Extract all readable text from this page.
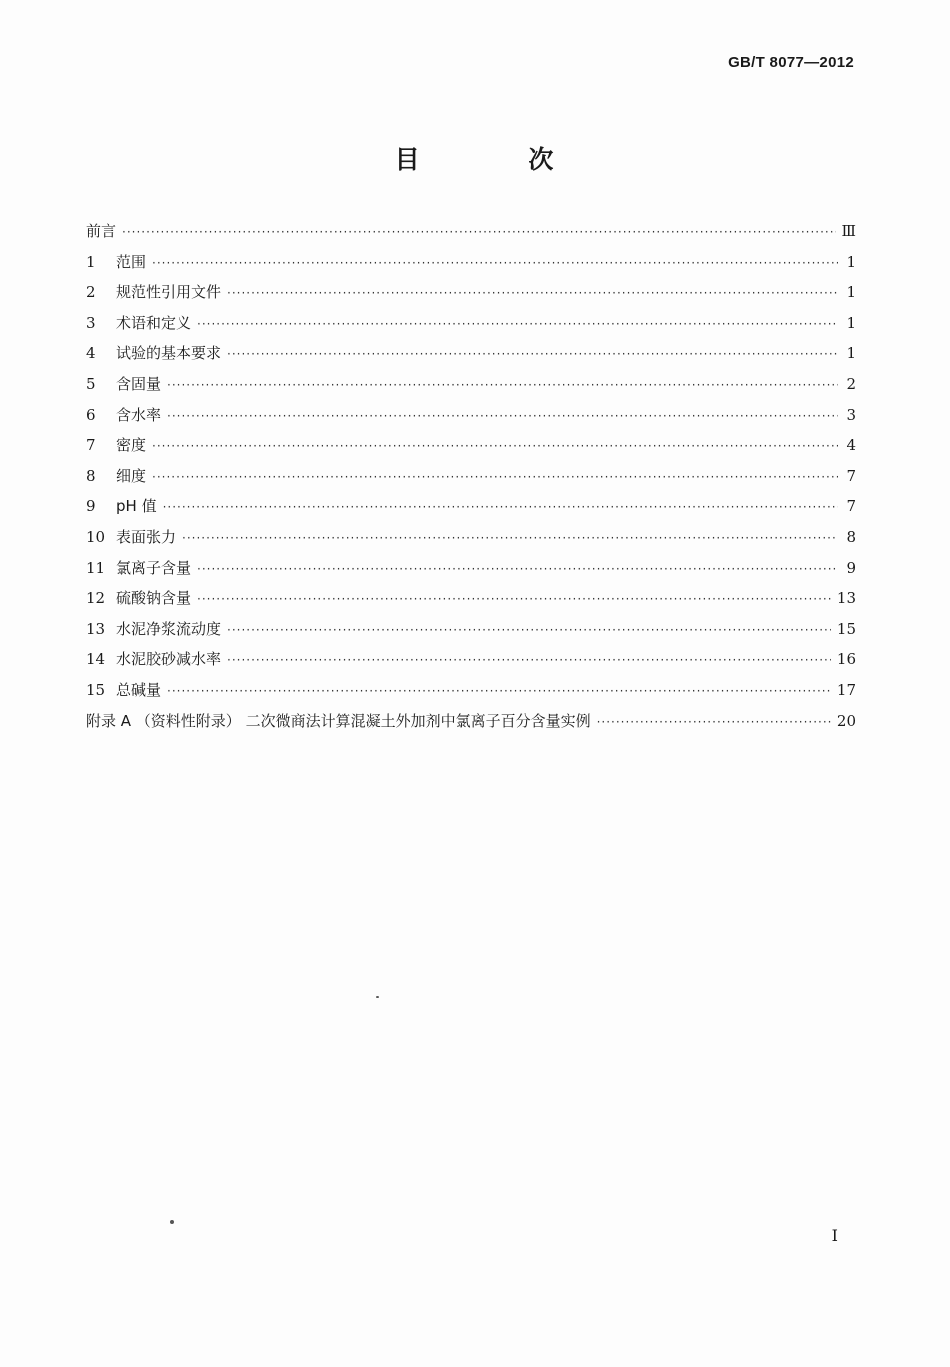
GB/T 8077—2012
目 次
前言 ·····	Ⅲ
1	范围 ·····	1
2	规范性引用文件 ·····	1
3	术语和定义 ·····	1
4	试验的基本要求 ·····	1
5	含固量 ·····	2
6	含水率 ·····	3
7	密度 ·····	4
8	细度 ·····	7
9	pH 值 ·····	7
10 表面张力 ·····	8
11 氯离子含量 ·····	9
12 硫酸钠含量 ·····	13
13 水泥净浆流动度 ·····	15
14 水泥胶砂减水率 ·····	16
15 总碱量 ·····	17
附录 A （资料性附录） 二次微商法计算混凝土外加剂中氯离子百分含量实例 ·····	20
I
